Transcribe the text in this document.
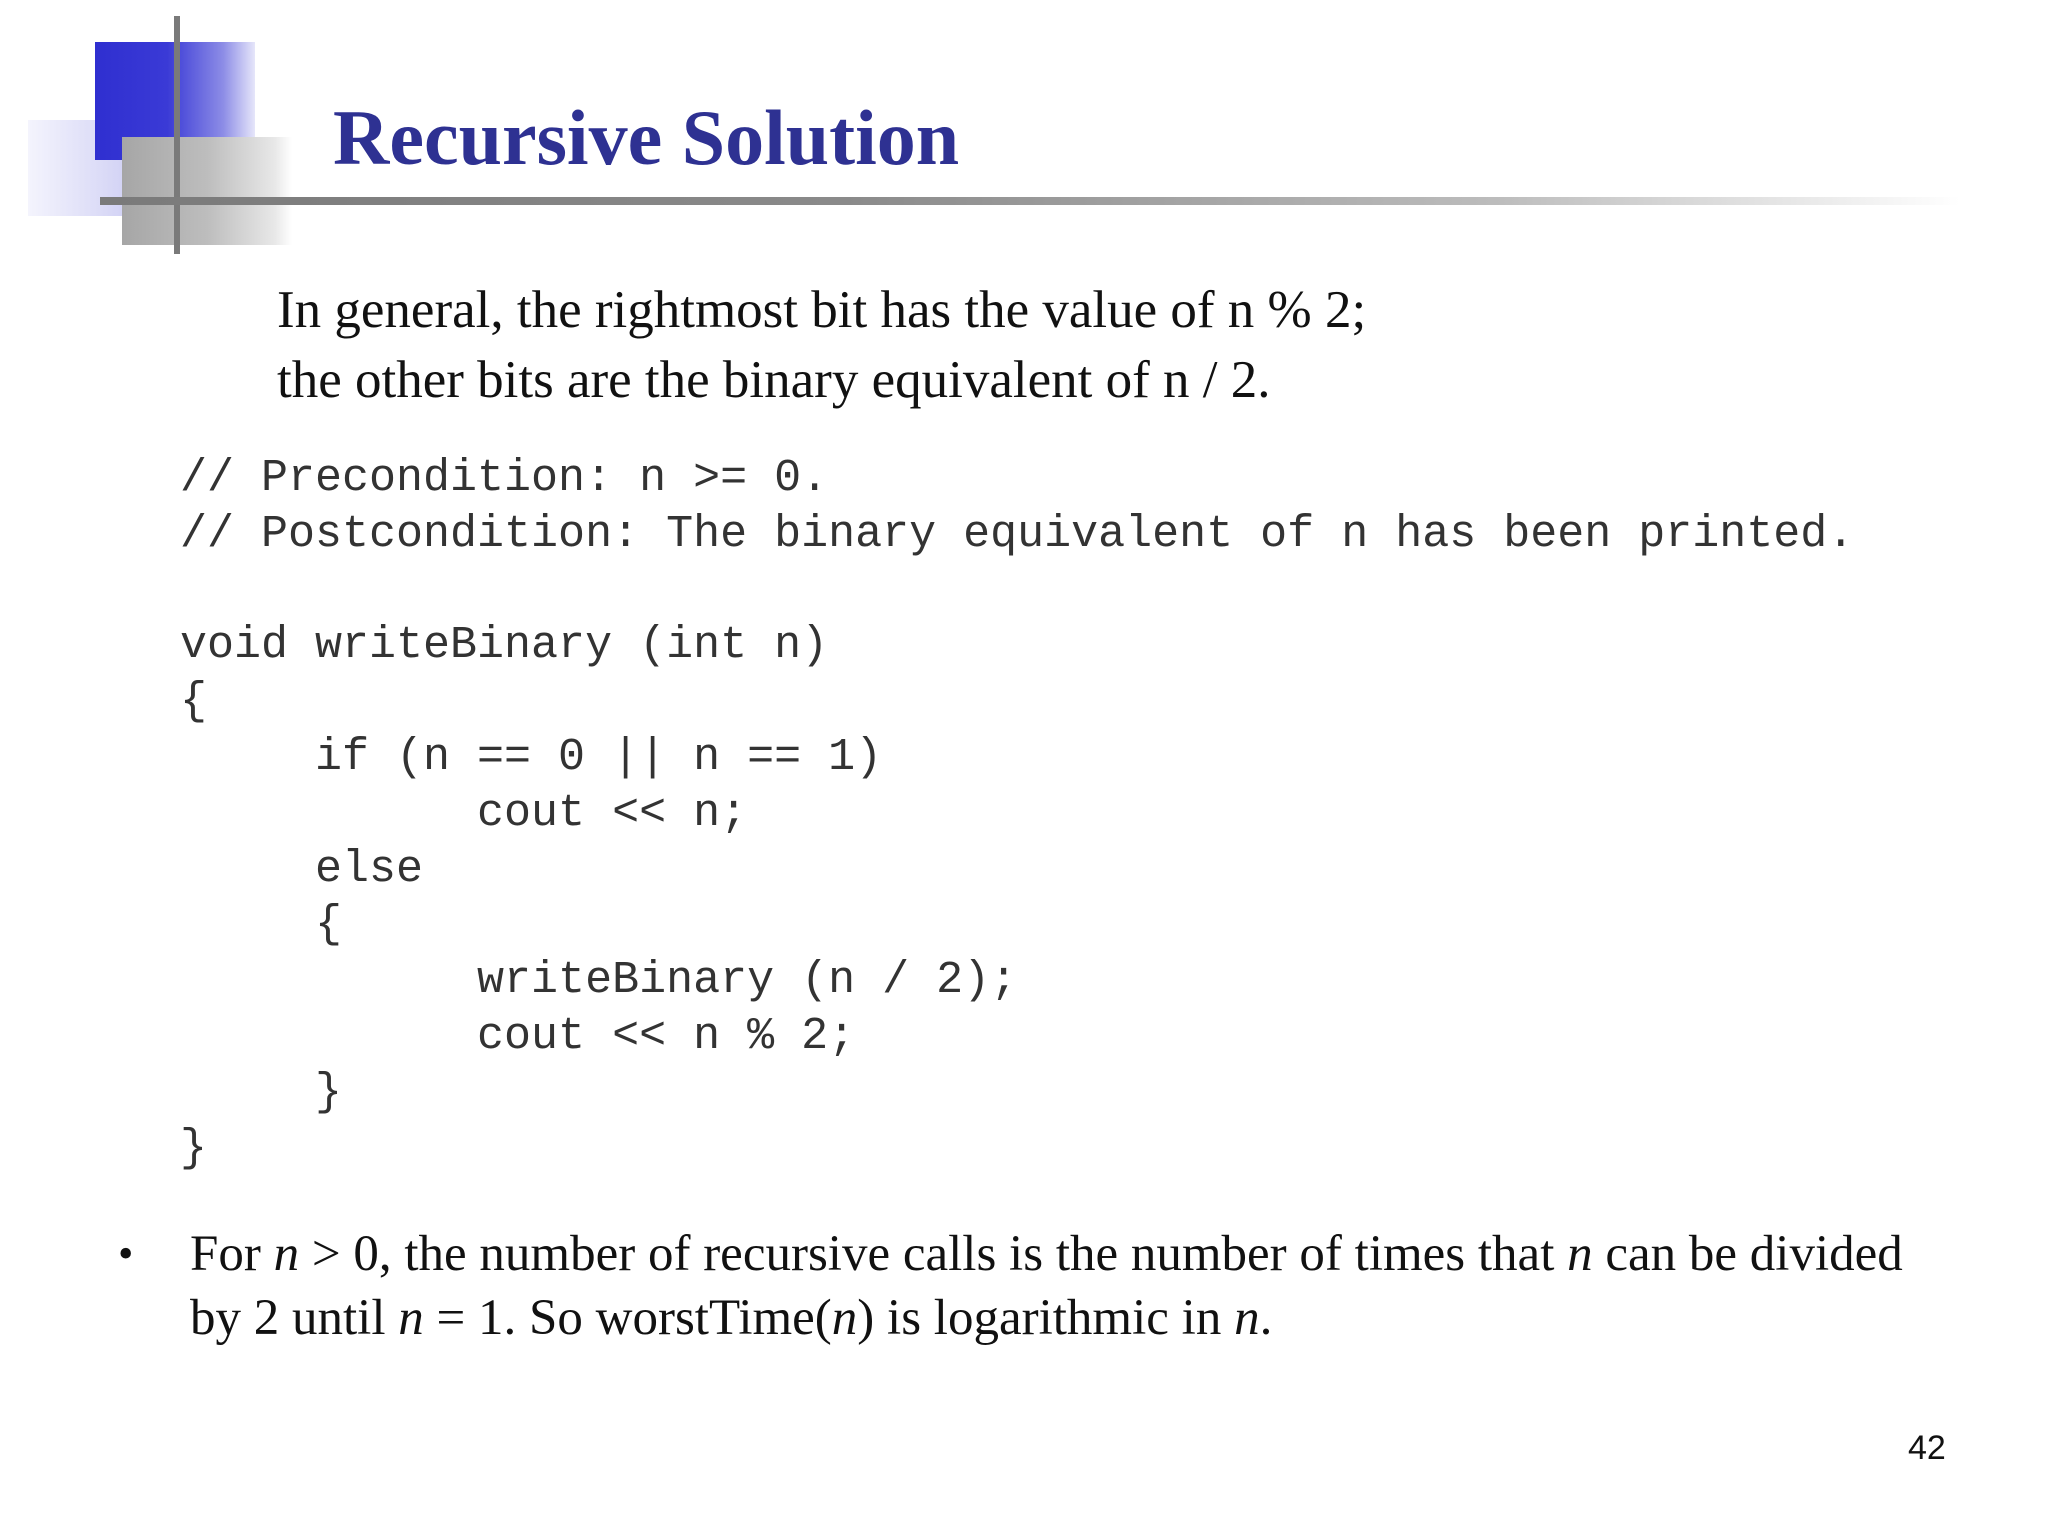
Recursive Solution
In general, the rightmost bit has the value of n % 2;
the other bits are the binary equivalent of n / 2.
// Precondition: n >= 0.
// Postcondition: The binary equivalent of n has been printed.
void writeBinary (int n)
{
if (n == 0 || n == 1)
cout << n;
else
{
writeBinary (n / 2);
cout << n % 2;
}
}
• For n > 0, the number of recursive calls is the number of times that n can be divided
by 2 until n = 1. So worstTime(n) is logarithmic in n.
42
